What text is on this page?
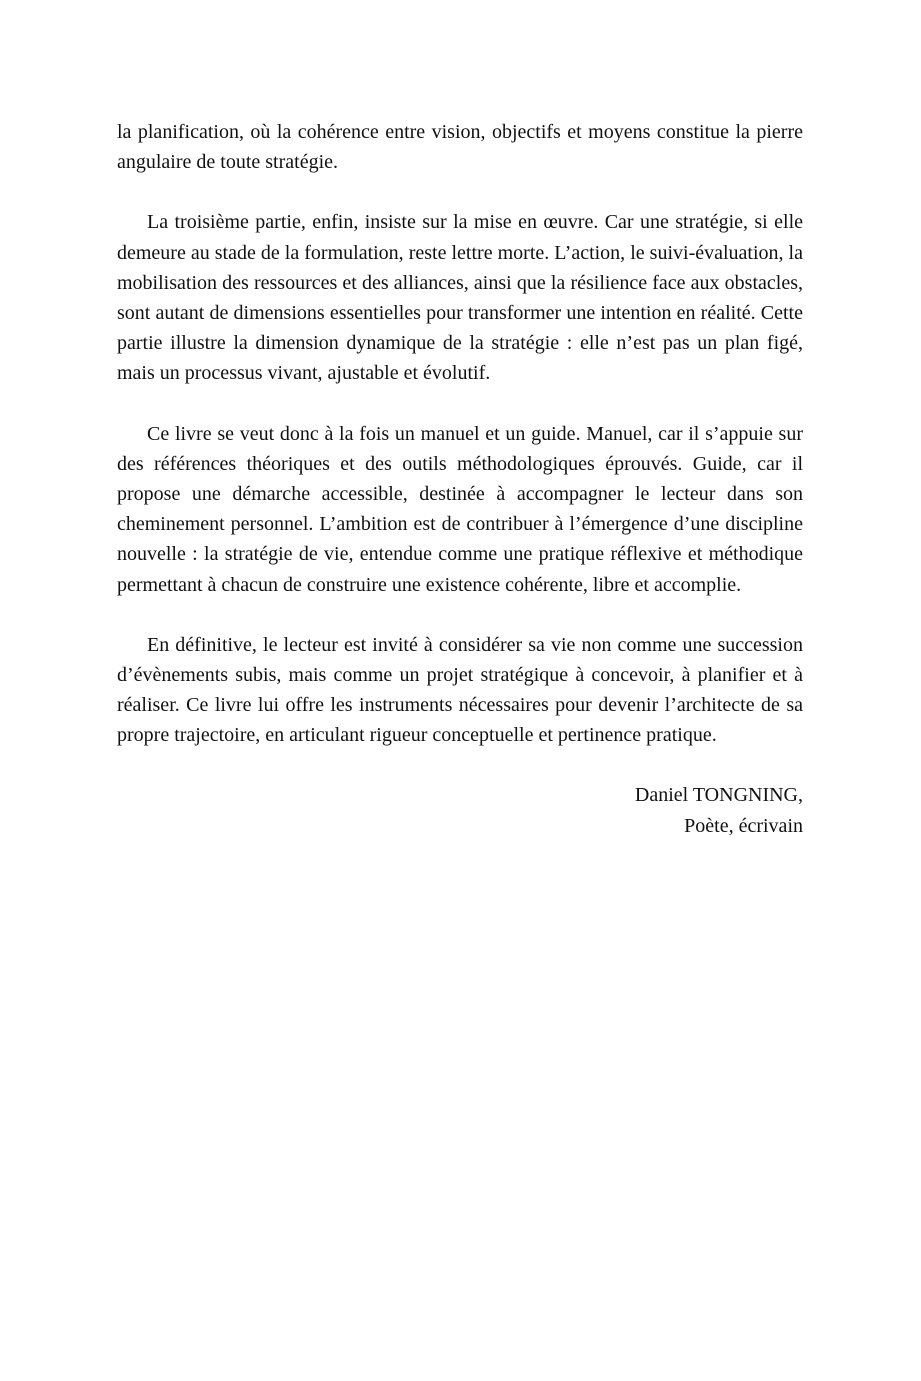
la planification, où la cohérence entre vision, objectifs et moyens constitue la pierre angulaire de toute stratégie.

La troisième partie, enfin, insiste sur la mise en œuvre. Car une stratégie, si elle demeure au stade de la formulation, reste lettre morte. L’action, le suivi-évaluation, la mobilisation des ressources et des alliances, ainsi que la résilience face aux obstacles, sont autant de dimensions essentielles pour transformer une intention en réalité. Cette partie illustre la dimension dynamique de la stratégie : elle n’est pas un plan figé, mais un processus vivant, ajustable et évolutif.

Ce livre se veut donc à la fois un manuel et un guide. Manuel, car il s’appuie sur des références théoriques et des outils méthodologiques éprouvés. Guide, car il propose une démarche accessible, destinée à accompagner le lecteur dans son cheminement personnel. L’ambition est de contribuer à l’émergence d’une discipline nouvelle : la stratégie de vie, entendue comme une pratique réflexive et méthodique permettant à chacun de construire une existence cohérente, libre et accomplie.

En définitive, le lecteur est invité à considérer sa vie non comme une succession d’évènements subis, mais comme un projet stratégique à concevoir, à planifier et à réaliser. Ce livre lui offre les instruments nécessaires pour devenir l’architecte de sa propre trajectoire, en articulant rigueur conceptuelle et pertinence pratique.

Daniel TONGNING,
Poète, écrivain
